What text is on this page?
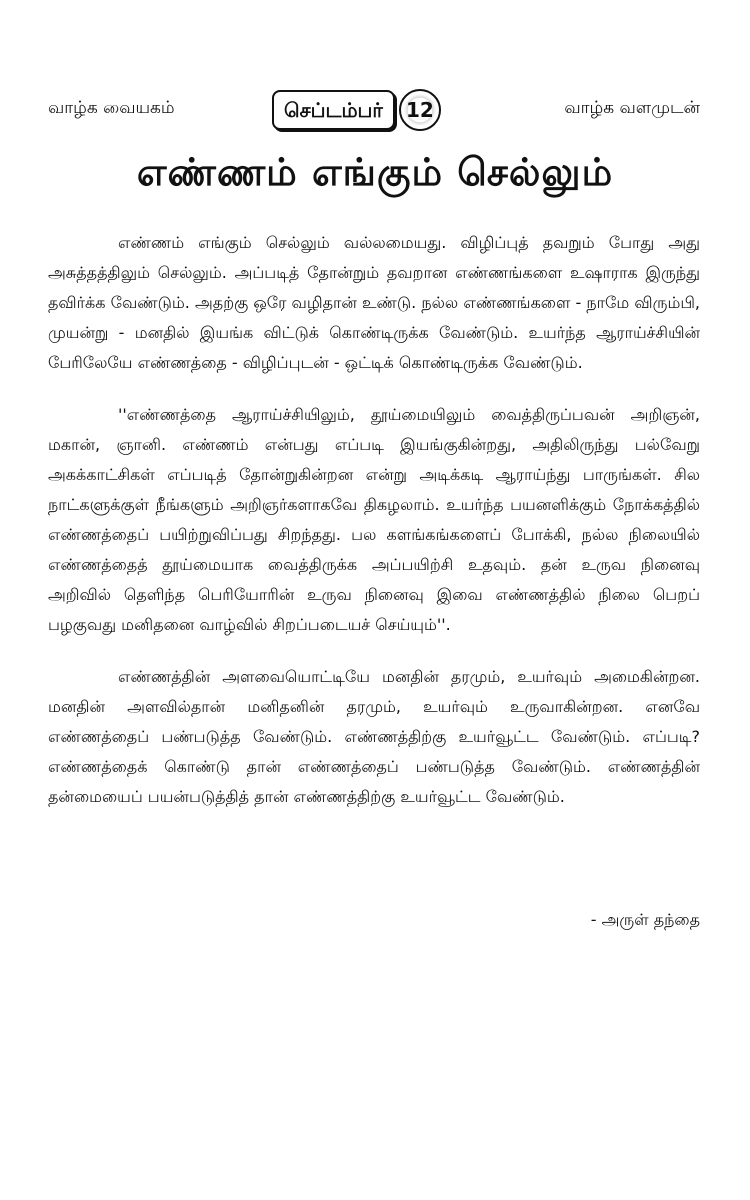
வாழ்க வையகம்	செப்டம்பர்	12	வாழ்க வளமுடன்
எண்ணம் எங்கும் செல்லும்

எண்ணம் எங்கும் செல்லும் வல்லமையது. விழிப்புத் தவறும் போது அது அசுத்தத்திலும் செல்லும். அப்படித் தோன்றும் தவறான எண்ணங்களை உஷாராக இருந்து தவிர்க்க வேண்டும். அதற்கு ஒரே வழிதான் உண்டு. நல்ல எண்ணங்களை - நாமே விரும்பி, முயன்று - மனதில் இயங்க விட்டுக் கொண்டிருக்க வேண்டும். உயர்ந்த ஆராய்ச்சியின் பேரிலேயே எண்ணத்தை - விழிப்புடன் - ஒட்டிக் கொண்டிருக்க வேண்டும்.

''எண்ணத்தை ஆராய்ச்சியிலும், தூய்மையிலும் வைத்திருப்பவன் அறிஞன், மகான், ஞானி. எண்ணம் என்பது எப்படி இயங்குகின்றது, அதிலிருந்து பல்வேறு அகக்காட்சிகள் எப்படித் தோன்றுகின்றன என்று அடிக்கடி ஆராய்ந்து பாருங்கள். சில நாட்களுக்குள் நீங்களும் அறிஞர்களாகவே திகழலாம். உயர்ந்த பயனளிக்கும் நோக்கத்தில் எண்ணத்தைப் பயிற்றுவிப்பது சிறந்தது. பல களங்கங்களைப் போக்கி, நல்ல நிலையில் எண்ணத்தைத் தூய்மையாக வைத்திருக்க அப்பயிற்சி உதவும். தன் உருவ நினைவு அறிவில் தெளிந்த பெரியோரின் உருவ நினைவு இவை எண்ணத்தில் நிலை பெறப் பழகுவது மனிதனை வாழ்வில் சிறப்படையச் செய்யும்''.

எண்ணத்தின் அளவையொட்டியே மனதின் தரமும், உயர்வும் அமைகின்றன. மனதின் அளவில்தான் மனிதனின் தரமும், உயர்வும் உருவாகின்றன. எனவே எண்ணத்தைப் பண்படுத்த வேண்டும். எண்ணத்திற்கு உயர்வூட்ட வேண்டும். எப்படி? எண்ணத்தைக் கொண்டு தான் எண்ணத்தைப் பண்படுத்த வேண்டும். எண்ணத்தின் தன்மையைப் பயன்படுத்தித் தான் எண்ணத்திற்கு உயர்வூட்ட வேண்டும்.

- அருள் தந்தை
